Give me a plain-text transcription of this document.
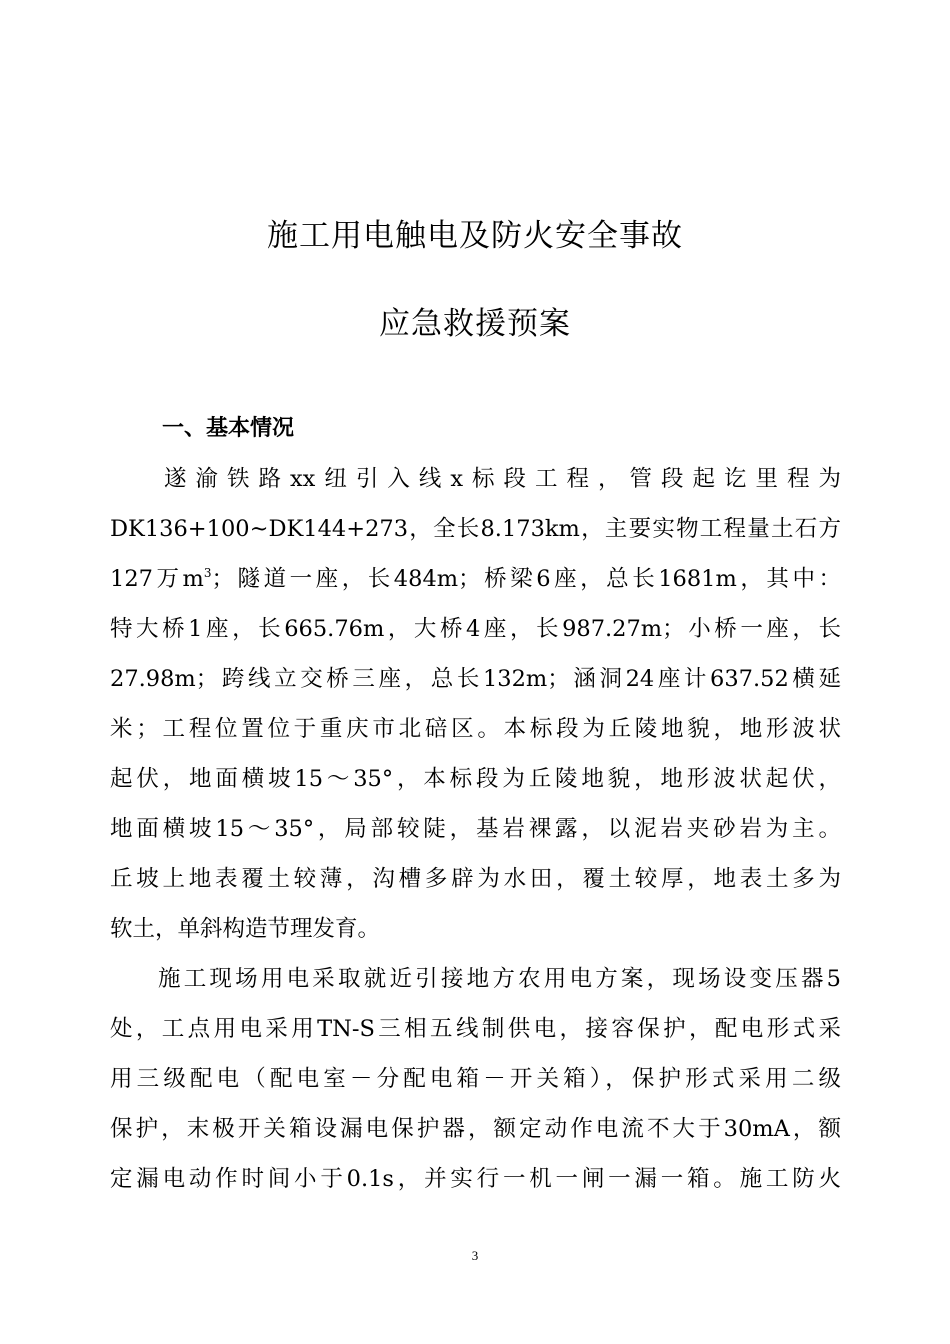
施工用电触电及防火安全事故
应急救援预案
一、基本情况
遂渝铁路xx纽引入线x标段工程，管段起讫里程为
DK136+100~DK144+273，全长8.173km，主要实物工程量土石方
127万$m^3$；隧道一座，长484m；桥梁6座，总长1681m，其中：
特大桥1座，长665.76m，大桥4座，长987.27m；小桥一座，长
27.98m；跨线立交桥三座，总长132m；涵洞24座计637.52横延
米；工程位置位于重庆市北碚区。本标段为丘陵地貌，地形波状
起伏，地面横坡15～35°，本标段为丘陵地貌，地形波状起伏，
地面横坡15～35°，局部较陡，基岩裸露，以泥岩夹砂岩为主。
丘坡上地表覆土较薄，沟槽多辟为水田，覆土较厚，地表土多为
软土，单斜构造节理发育。
施工现场用电采取就近引接地方农用电方案，现场设变压器5
处，工点用电采用TN-S三相五线制供电，接容保护，配电形式采
用三级配电（配电室－分配电箱－开关箱），保护形式采用二级
保护，末极开关箱设漏电保护器，额定动作电流不大于30mA，额
定漏电动作时间小于0.1s，并实行一机一闸一漏一箱。施工防火
3
